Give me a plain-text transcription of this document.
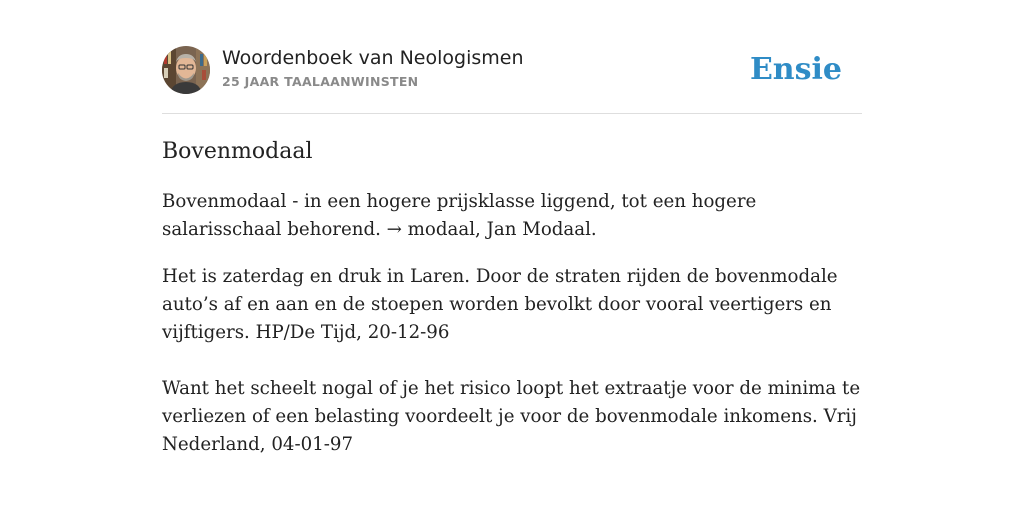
Woordenboek van Neologismen
25 JAAR TAALAANWINSTEN	Ensie
Bovenmodaal

Bovenmodaal - in een hogere prijsklasse liggend, tot een hogere salarisschaal behorend. → modaal, Jan Modaal.

Het is zaterdag en druk in Laren. Door de straten rijden de bovenmodale auto’s af en aan en de stoepen worden bevolkt door vooral veertigers en vijftigers. HP/De Tijd, 20-12-96

Want het scheelt nogal of je het risico loopt het extraatje voor de minima te verliezen of een belasting voordeelt je voor de bovenmodale inkomens. Vrij Nederland, 04-01-97
